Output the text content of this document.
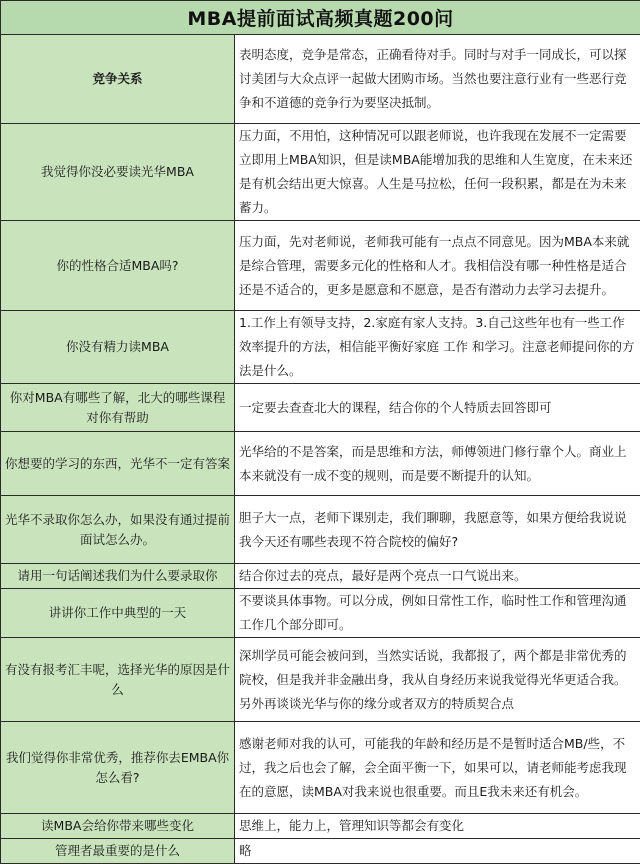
MBA提前面试高频真题200问	
竞争关系	表明态度，竞争是常态，正确看待对手。同时与对手一同成长，可以探讨美团与大众点评一起做大团购市场。当然也要注意行业有一些恶行竞争和不道德的竞争行为要坚决抵制。
我觉得你没必要读光华MBA	压力面，不用怕，这种情况可以跟老师说，也许我现在发展不一定需要立即用上MBA知识，但是读MBA能增加我的思维和人生宽度，在未来还是有机会结出更大惊喜。人生是马拉松，任何一段积累，都是在为未来蓄力。
你的性格合适MBA吗?	压力面，先对老师说，老师我可能有一点点不同意见。因为MBA本来就是综合管理，需要多元化的性格和人才。我相信没有哪一种性格是适合还是不适合的，更多是愿意和不愿意，是否有潜动力去学习去提升。
你没有精力读MBA	1.工作上有领导支持，2.家庭有家人支持。3.自己这些年也有一些工作效率提升的方法，相信能平衡好家庭 工作 和学习。注意老师提问你的方法是什么。
你对MBA有哪些了解，北大的哪些课程对你有帮助	一定要去查查北大的课程，结合你的个人特质去回答即可
你想要的学习的东西，光华不一定有答案	光华给的不是答案，而是思维和方法，师傅领进门修行靠个人。商业上本来就没有一成不变的规则，而是要不断提升的认知。
光华不录取你怎么办，如果没有通过提前面试怎么办。	胆子大一点，老师下课别走，我们聊聊，我愿意等，如果方便给我说说我今天还有哪些表现不符合院校的偏好?
请用一句话阐述我们为什么要录取你	结合你过去的亮点，最好是两个亮点一口气说出来。
讲讲你工作中典型的一天	不要谈具体事物。可以分成，例如日常性工作，临时性工作和管理沟通工作几个部分即可。
有没有报考汇丰呢，选择光华的原因是什么	深圳学员可能会被问到，当然实话说，我都报了，两个都是非常优秀的院校，但是我并非金融出身，我从自身经历来说我觉得光华更适合我。另外再谈谈光华与你的缘分或者双方的特质契合点
我们觉得你非常优秀，推荐你去EMBA你怎么看?	感谢老师对我的认可，可能我的年龄和经历是不是暂时适合MB/些，不过，我之后也会了解，会全面平衡一下，如果可以，请老师能考虑我现在的意愿，读MBA对我来说也很重要。而且E我未来还有机会。
读MBA会给你带来哪些变化	思维上，能力上，管理知识等都会有变化
管理者最重要的是什么	略
